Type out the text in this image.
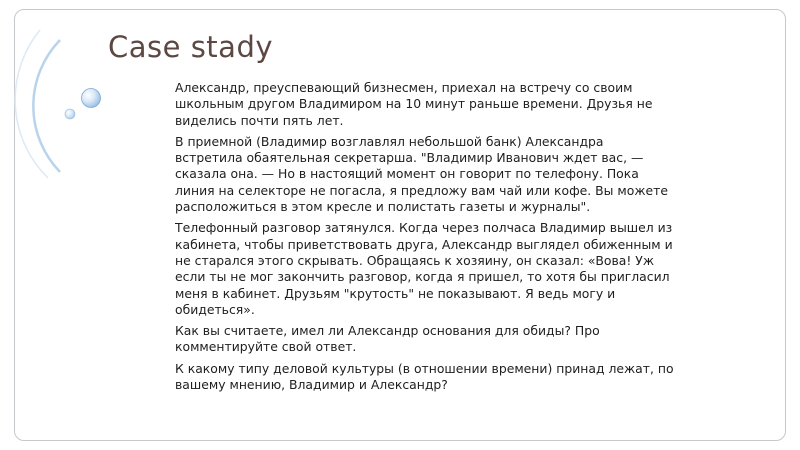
Case stady

Александр, преуспевающий бизнесмен, приехал на встречу со своим школьным другом Владимиром на 10 минут раньше времени. Друзья не виделись почти пять лет.

В приемной (Владимир возглавлял небольшой банк) Александра встретила обаятельная секретарша. "Владимир Иванович ждет вас, — сказала она. — Но в настоящий момент он говорит по телефону. Пока линия на селекторе не погасла, я предложу вам чай или кофе. Вы можете расположиться в этом кресле и полистать газеты и журналы".

Телефонный разговор затянулся. Когда через полчаса Владимир вышел из кабинета, чтобы приветствовать друга, Александр выглядел обиженным и не старался этого скрывать. Обращаясь к хозяину, он сказал: «Вова! Уж если ты не мог закончить разговор, когда я пришел, то хотя бы пригласил меня в кабинет. Друзьям "крутость" не показывают. Я ведь могу и обидеться».

Как вы считаете, имел ли Александр основания для обиды? Про комментируйте свой ответ.

К какому типу деловой культуры (в отношении времени) принад лежат, по вашему мнению, Владимир и Александр?
